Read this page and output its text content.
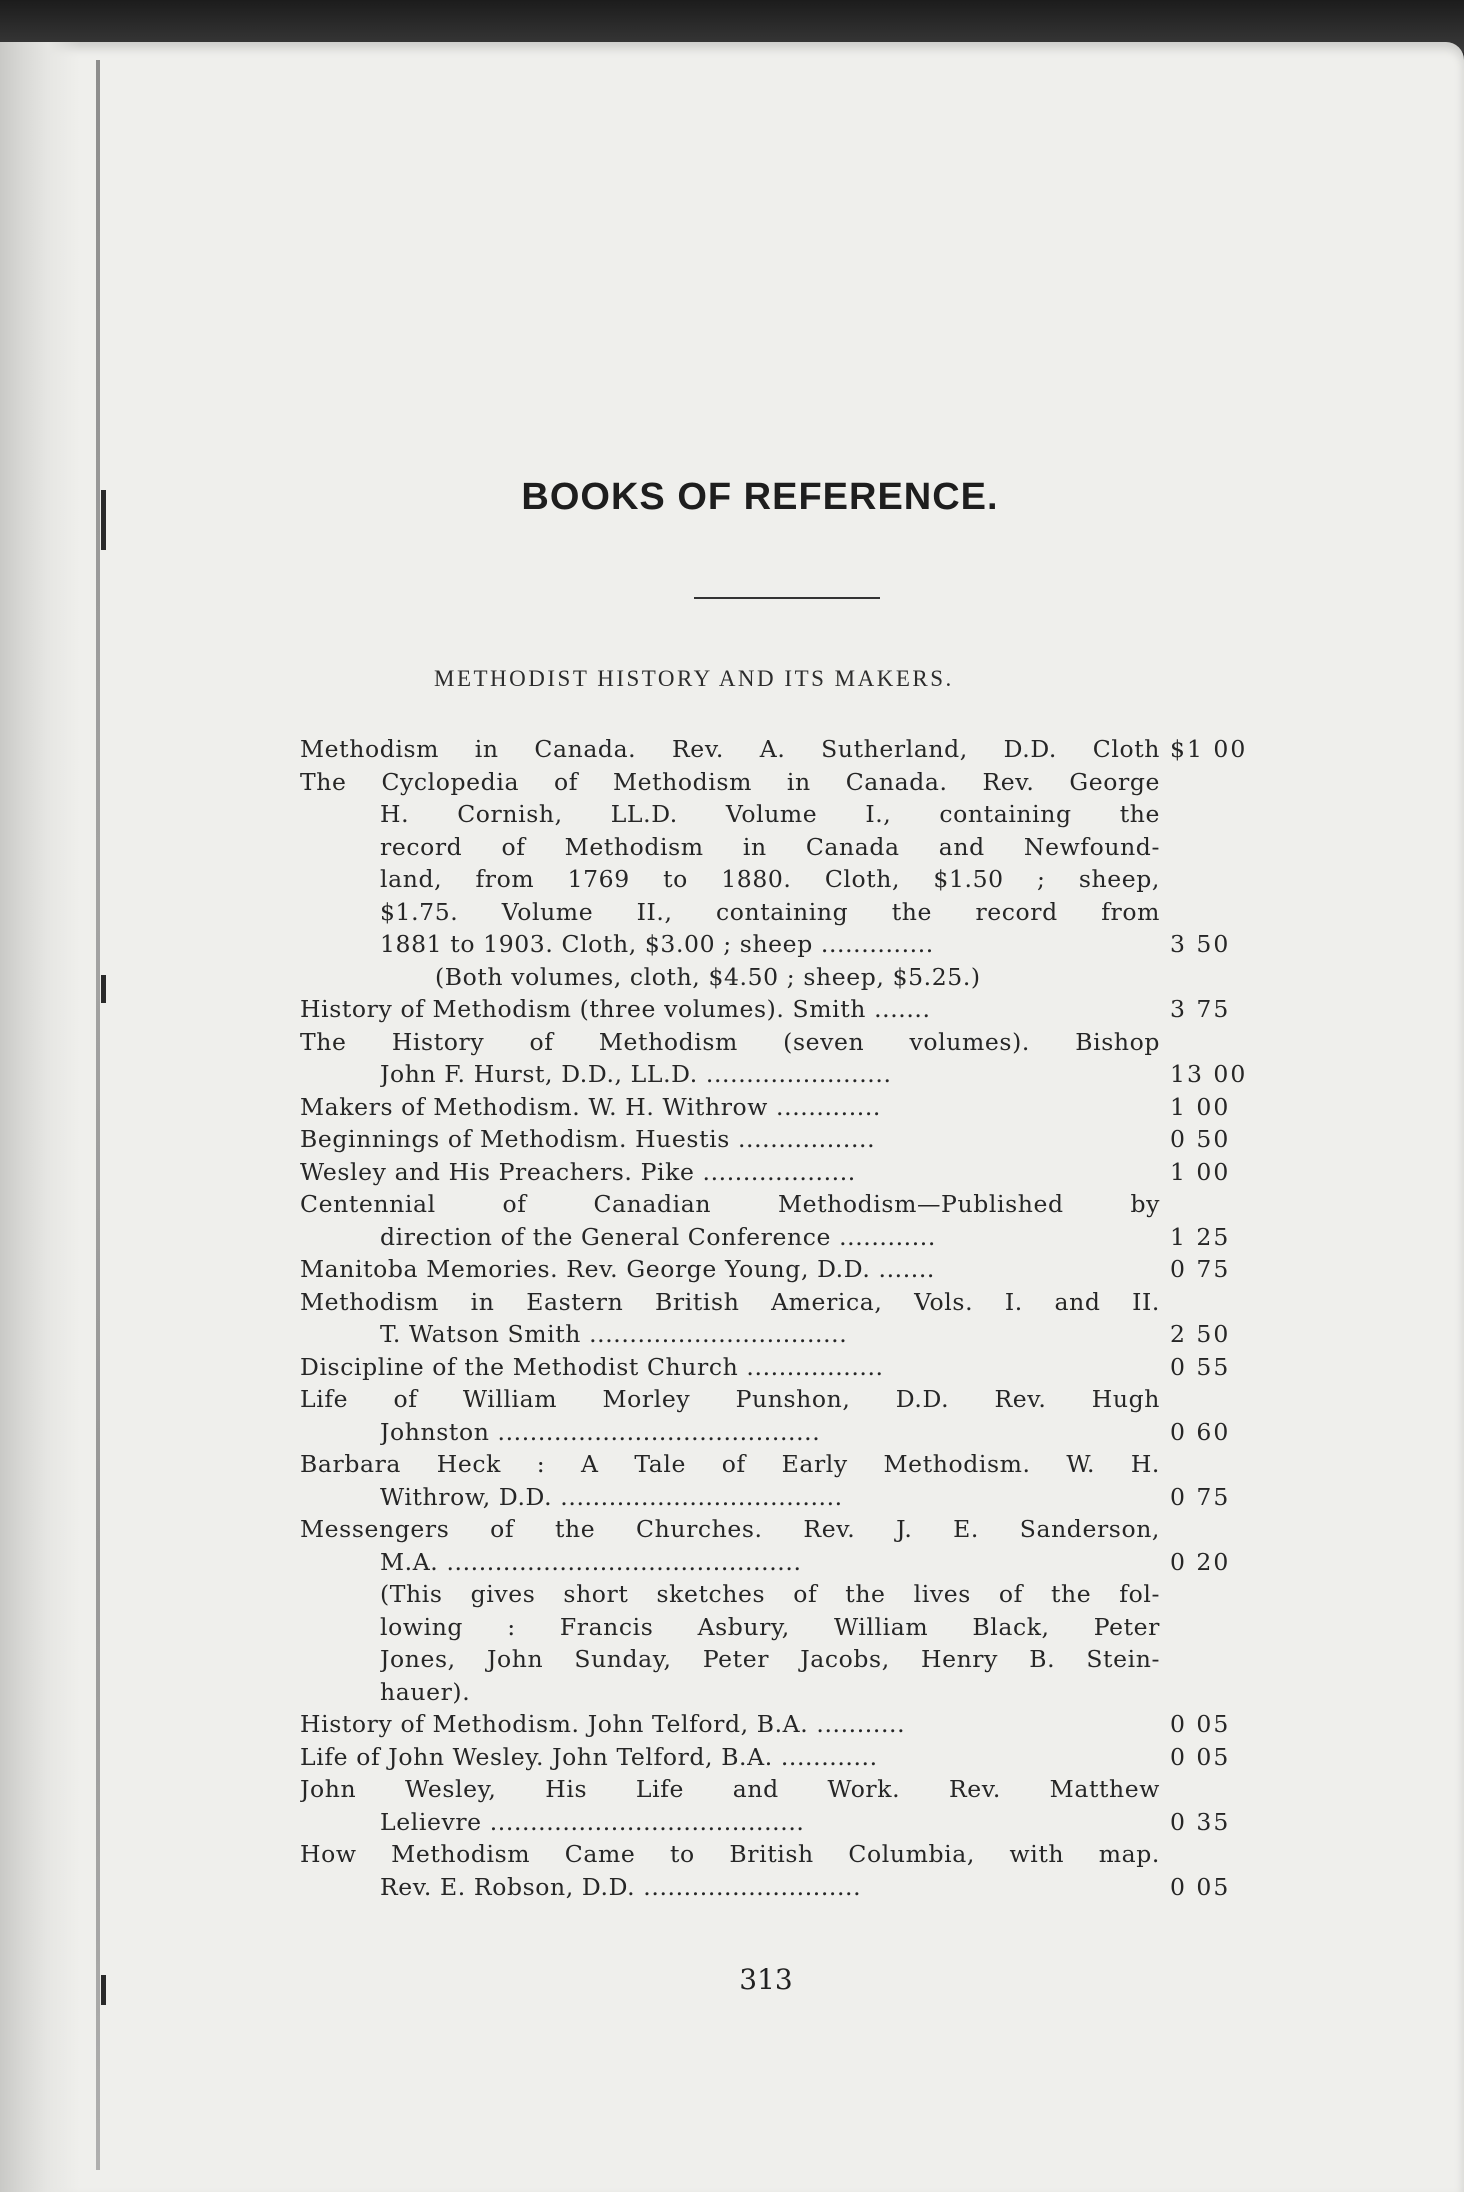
BOOKS OF REFERENCE.
METHODIST HISTORY AND ITS MAKERS.
Methodism in Canada. Rev. A. Sutherland, D.D. Cloth $1 00
The Cyclopedia of Methodism in Canada. Rev. George
H. Cornish, LL.D. Volume I., containing the
record of Methodism in Canada and Newfound-
land, from 1769 to 1880. Cloth, $1.50 ; sheep,
$1.75. Volume II., containing the record from
1881 to 1903. Cloth, $3.00 ; sheep ..............	3 50
(Both volumes, cloth, $4.50 ; sheep, $5.25.)
History of Methodism (three volumes). Smith .......	3 75
The History of Methodism (seven volumes). Bishop
John F. Hurst, D.D., LL.D. .......................	13 00
Makers of Methodism. W. H. Withrow .............	1 00
Beginnings of Methodism. Huestis .................	0 50
Wesley and His Preachers. Pike ...................	1 00
Centennial of Canadian Methodism—Published by
direction of the General Conference ............	1 25
Manitoba Memories. Rev. George Young, D.D. .......	0 75
Methodism in Eastern British America, Vols. I. and II.
T. Watson Smith ................................	2 50
Discipline of the Methodist Church .................	0 55
Life of William Morley Punshon, D.D. Rev. Hugh
Johnston ........................................	0 60
Barbara Heck : A Tale of Early Methodism. W. H.
Withrow, D.D. ...................................	0 75
Messengers of the Churches. Rev. J. E. Sanderson,
M.A. ............................................	0 20
(This gives short sketches of the lives of the fol-
lowing : Francis Asbury, William Black, Peter
Jones, John Sunday, Peter Jacobs, Henry B. Stein-
hauer).
History of Methodism. John Telford, B.A. ...........	0 05
Life of John Wesley. John Telford, B.A. ............	0 05
John Wesley, His Life and Work. Rev. Matthew
Lelievre .......................................	0 35
How Methodism Came to British Columbia, with map.
Rev. E. Robson, D.D. ...........................	0 05
313
